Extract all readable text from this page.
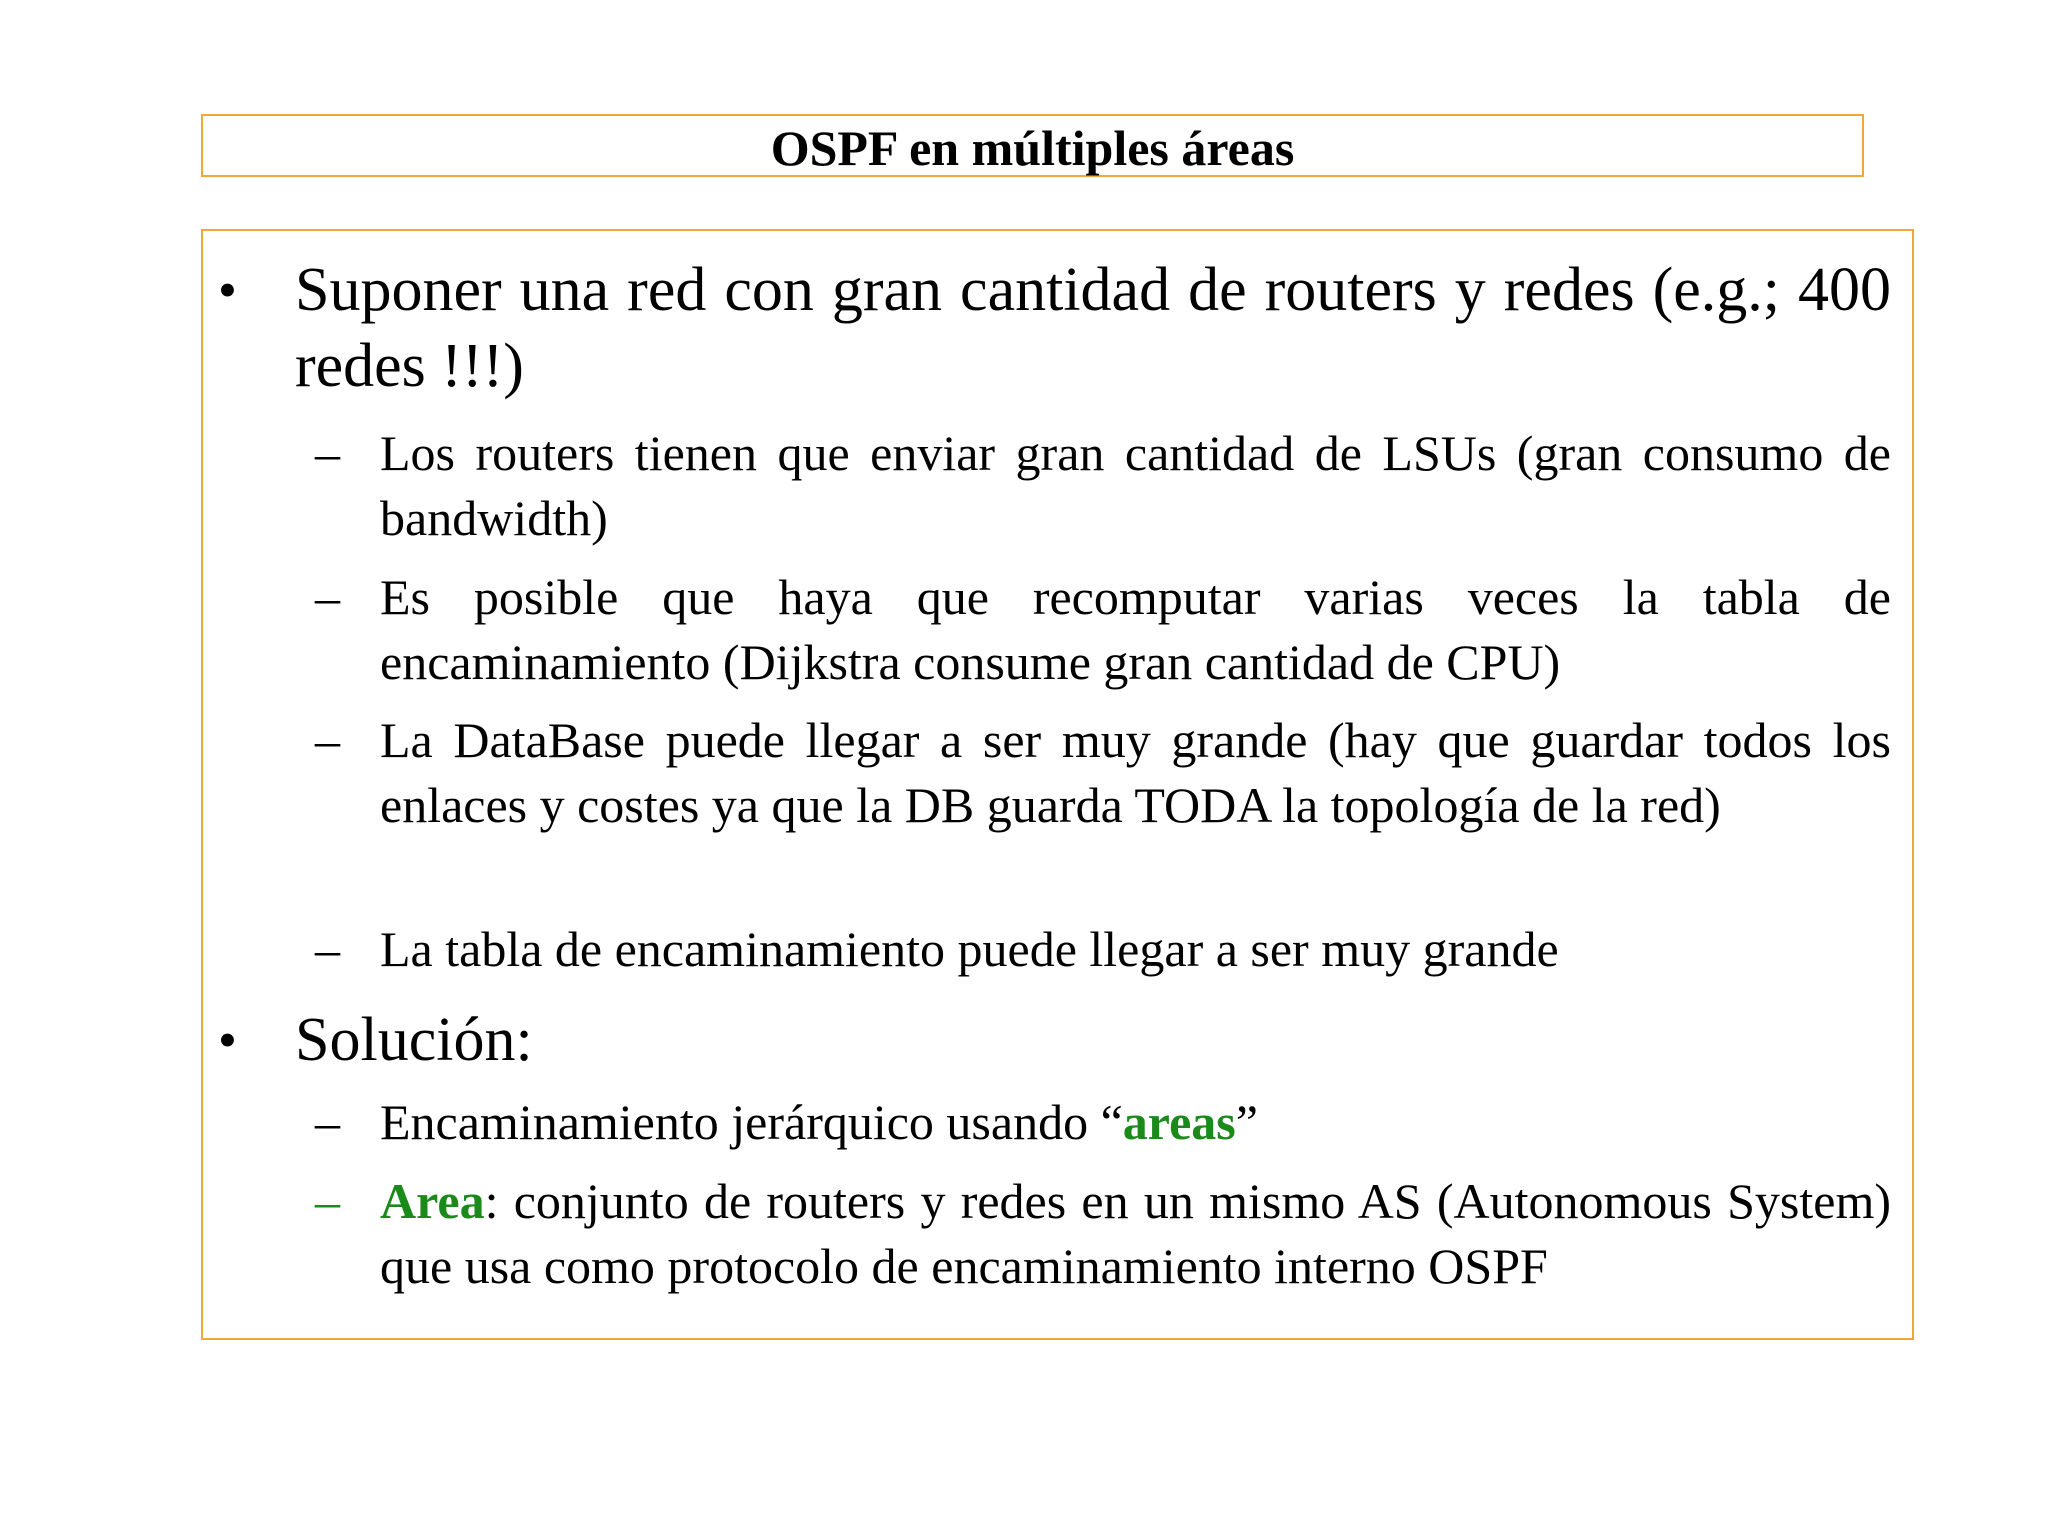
OSPF en múltiples áreas
• Suponer una red con gran cantidad de routers y redes (e.g.; 400 redes !!!)
– Los routers tienen que enviar gran cantidad de LSUs (gran consumo de bandwidth)
– Es posible que haya que recomputar varias veces la tabla de encaminamiento (Dijkstra consume gran cantidad de CPU)
– La DataBase puede llegar a ser muy grande (hay que guardar todos los enlaces y costes ya que la DB guarda TODA la topología de la red)
– La tabla de encaminamiento puede llegar a ser muy grande
• Solución:
– Encaminamiento jerárquico usando “areas”
– Area: conjunto de routers y redes en un mismo AS (Autonomous System) que usa como protocolo de encaminamiento interno OSPF
